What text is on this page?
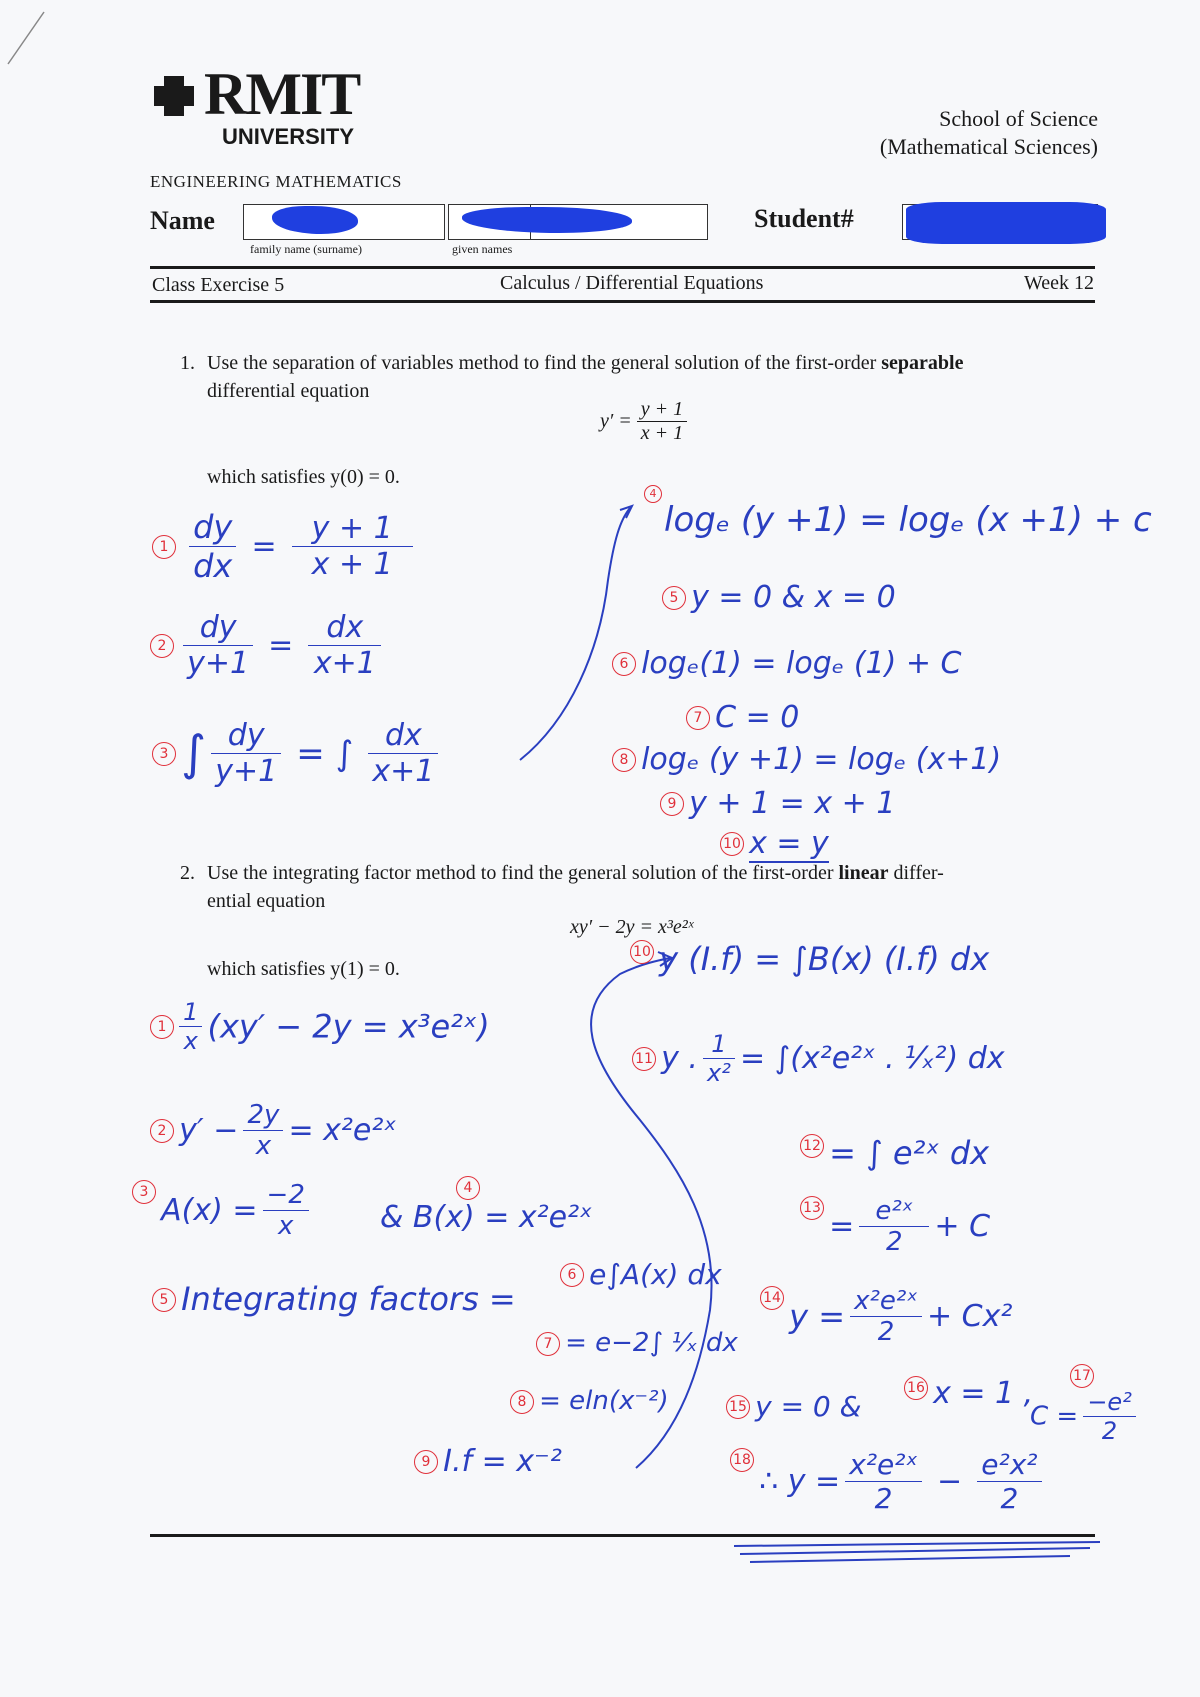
RMIT
UNIVERSITY
School of Science
(Mathematical Sciences)
ENGINEERING MATHEMATICS
Name
family name (surname)	given names
Student#
Class Exercise 5	Calculus / Differential Equations	Week 12
1. Use the separation of variables method to find the general solution of the first-order separable
differential equation
$y' = \frac{y + 1}{x + 1}$
which satisfies y(0) = 0.
$1 \frac{dy}{dx} = \frac{y + 1}{x + 1}$
$2 \frac{dy}{y+1} = \frac{dx}{x+1}$
3 ∫ $\frac{dy}{y+1}$ = ∫ $\frac{dx}{x+1}$
4
logₑ (y +1) = logₑ (x +1) + c
5 y = 0 & x = 0
6 logₑ(1) = logₑ (1) + C
7 C = 0
8 logₑ (y +1) = logₑ (x+1)
9 y + 1 = x + 1
10 x = y
2. Use the integrating factor method to find the general solution of the first-order linear differ-
ential equation
xy′ − 2y = x³e²ˣ
which satisfies y(1) = 0.
$1 \frac{1}{x} (xy' - 2y$ = x³e²ˣ)
2 $y' - \frac{2y}{x}$ = x²e²ˣ
3 $A(x) = \frac{-2}{x}$	4
& B(x) = x²e²ˣ
5 Integrating factors =
6 e∫A(x) dx
7 = e−2∫ ¹⁄ₓ dx
8 = eln(x⁻²)
9 I.f = x⁻²
10 y (I.f) = ∫B(x) (I.f) dx
11 y . $\frac{1}{\text{x²}}$ = ∫(x²e²ˣ . ¹⁄ₓ²) dx
12 = ∫ e²ˣ dx
$13 = \frac{\text{e²ˣ}}{2} + C$
14 $y = \frac{\text{x²e²ˣ}}{2} + Cx^2$
15 y = 0 &
16 x = 1 ,	17
$C = \frac{\text{−e²}}{2}$
18 ∴ $y = \frac{\text{x²e²ˣ}}{2} - \frac{\text{e²x²}}{2}$
